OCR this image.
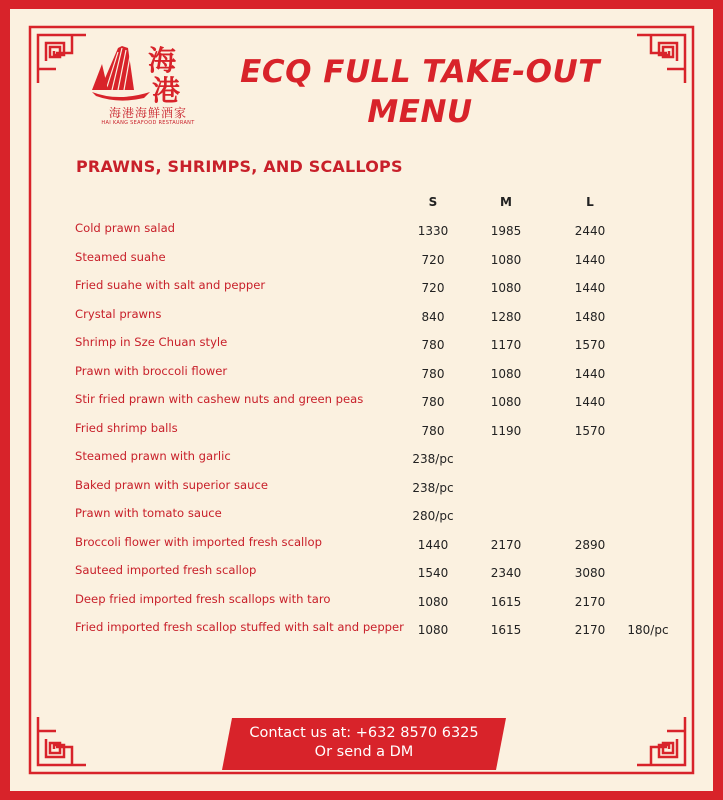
海
港
海港海鮮酒家
HAI KANG SEAFOOD RESTAURANT
ECQ FULL TAKE-OUT
MENU
PRAWNS, SHRIMPS, AND SCALLOPS
S	M	L
Cold prawn salad	1330	1985	2440
Steamed suahe	720	1080	1440
Fried suahe with salt and pepper	720	1080	1440
Crystal prawns	840	1280	1480
Shrimp in Sze Chuan style	780	1170	1570
Prawn with broccoli flower	780	1080	1440
Stir fried prawn with cashew nuts and green peas	780	1080	1440
Fried shrimp balls	780	1190	1570
Steamed prawn with garlic	238/pc
Baked prawn with superior sauce	238/pc
Prawn with tomato sauce	280/pc
Broccoli flower with imported fresh scallop	1440	2170	2890
Sauteed imported fresh scallop	1540	2340	3080
Deep fried imported fresh scallops with taro	1080	1615	2170
Fried imported fresh scallop stuffed with salt and pepper	1080	1615	2170	180/pc
Contact us at: +632 8570 6325
Or send a DM
